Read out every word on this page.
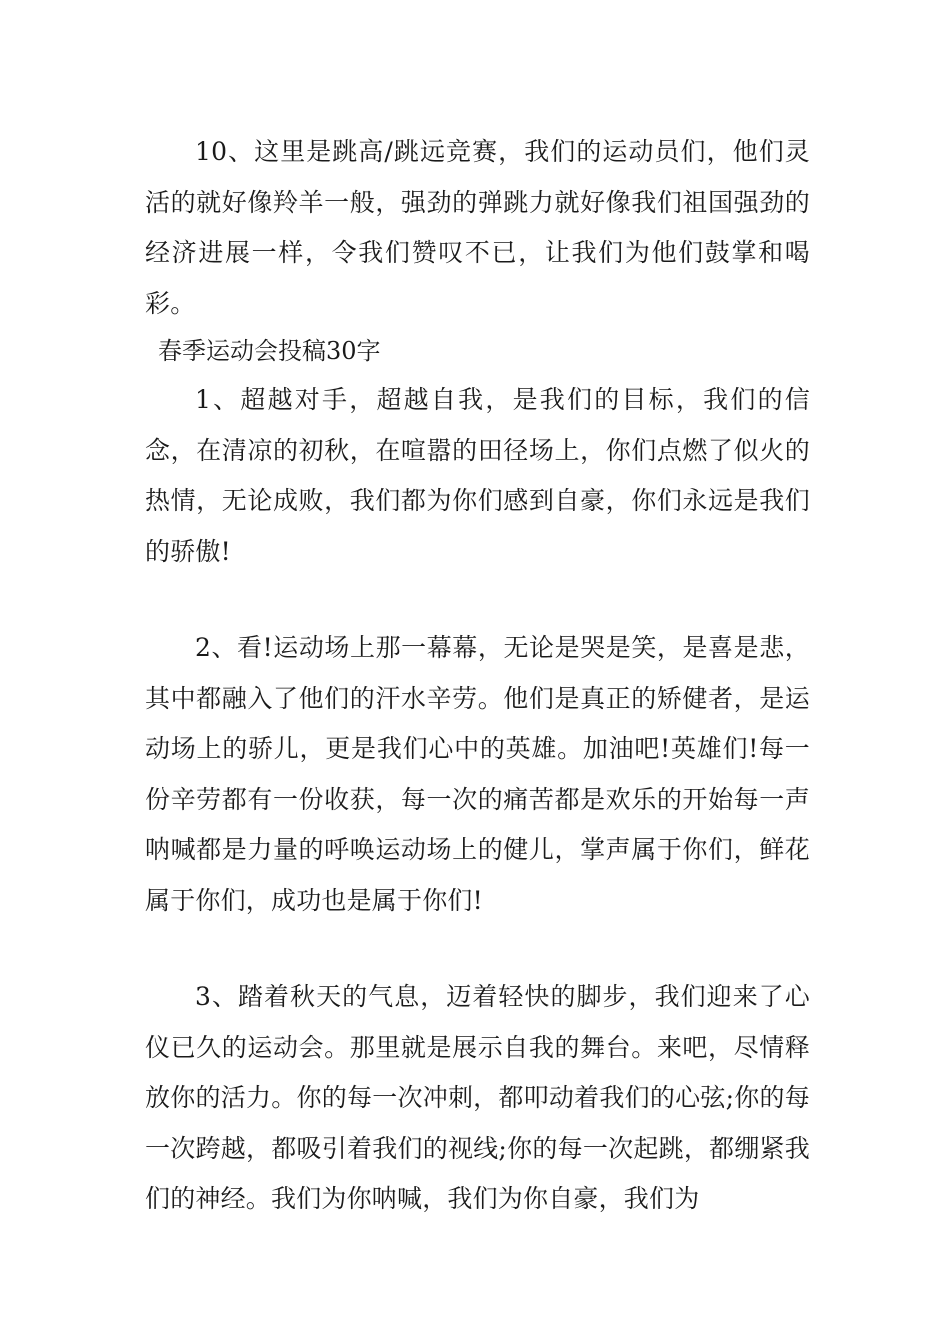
10、这里是跳高/跳远竞赛，我们的运动员们，他们灵活的就好像羚羊一般，强劲的弹跳力就好像我们祖国强劲的经济进展一样，令我们赞叹不已，让我们为他们鼓掌和喝彩。

春季运动会投稿30字

1、超越对手，超越自我，是我们的目标，我们的信念，在清凉的初秋，在喧嚣的田径场上，你们点燃了似火的热情，无论成败，我们都为你们感到自豪，你们永远是我们的骄傲!

2、看!运动场上那一幕幕，无论是哭是笑，是喜是悲，其中都融入了他们的汗水辛劳。他们是真正的矫健者，是运动场上的骄儿，更是我们心中的英雄。加油吧!英雄们!每一份辛劳都有一份收获，每一次的痛苦都是欢乐的开始每一声呐喊都是力量的呼唤运动场上的健儿，掌声属于你们，鲜花属于你们，成功也是属于你们!

3、踏着秋天的气息，迈着轻快的脚步，我们迎来了心仪已久的运动会。那里就是展示自我的舞台。来吧，尽情释放你的活力。你的每一次冲刺，都叩动着我们的心弦;你的每一次跨越，都吸引着我们的视线;你的每一次起跳，都绷紧我们的神经。我们为你呐喊，我们为你自豪，我们为
